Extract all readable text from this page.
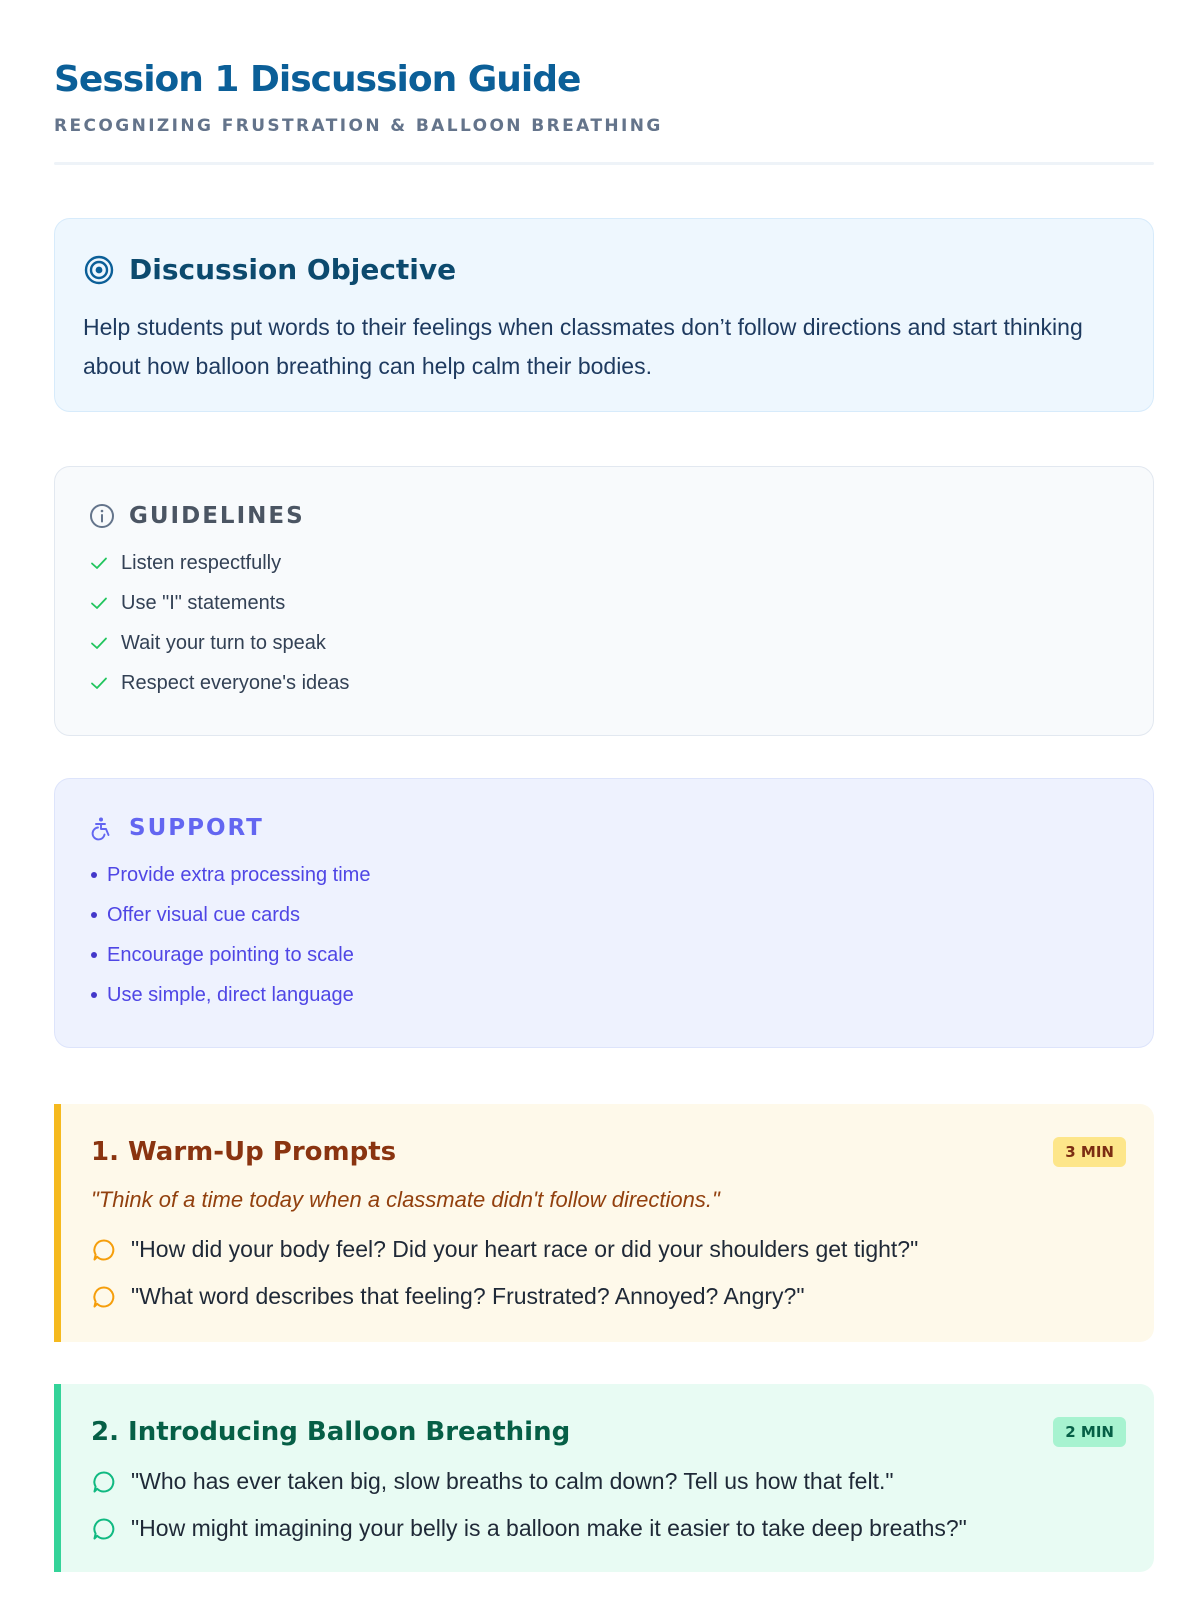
Session 1 Discussion Guide
RECOGNIZING FRUSTRATION & BALLOON BREATHING
Discussion Objective
Help students put words to their feelings when classmates don’t follow directions and start thinking about how balloon breathing can help calm their bodies.
GUIDELINES
Listen respectfully
Use "I" statements
Wait your turn to speak
Respect everyone's ideas
SUPPORT
Provide extra processing time
Offer visual cue cards
Encourage pointing to scale
Use simple, direct language
1. Warm-Up Prompts	3 MIN
"Think of a time today when a classmate didn't follow directions."
"How did your body feel? Did your heart race or did your shoulders get tight?"
"What word describes that feeling? Frustrated? Annoyed? Angry?"
2. Introducing Balloon Breathing	2 MIN
"Who has ever taken big, slow breaths to calm down? Tell us how that felt."
"How might imagining your belly is a balloon make it easier to take deep breaths?"
